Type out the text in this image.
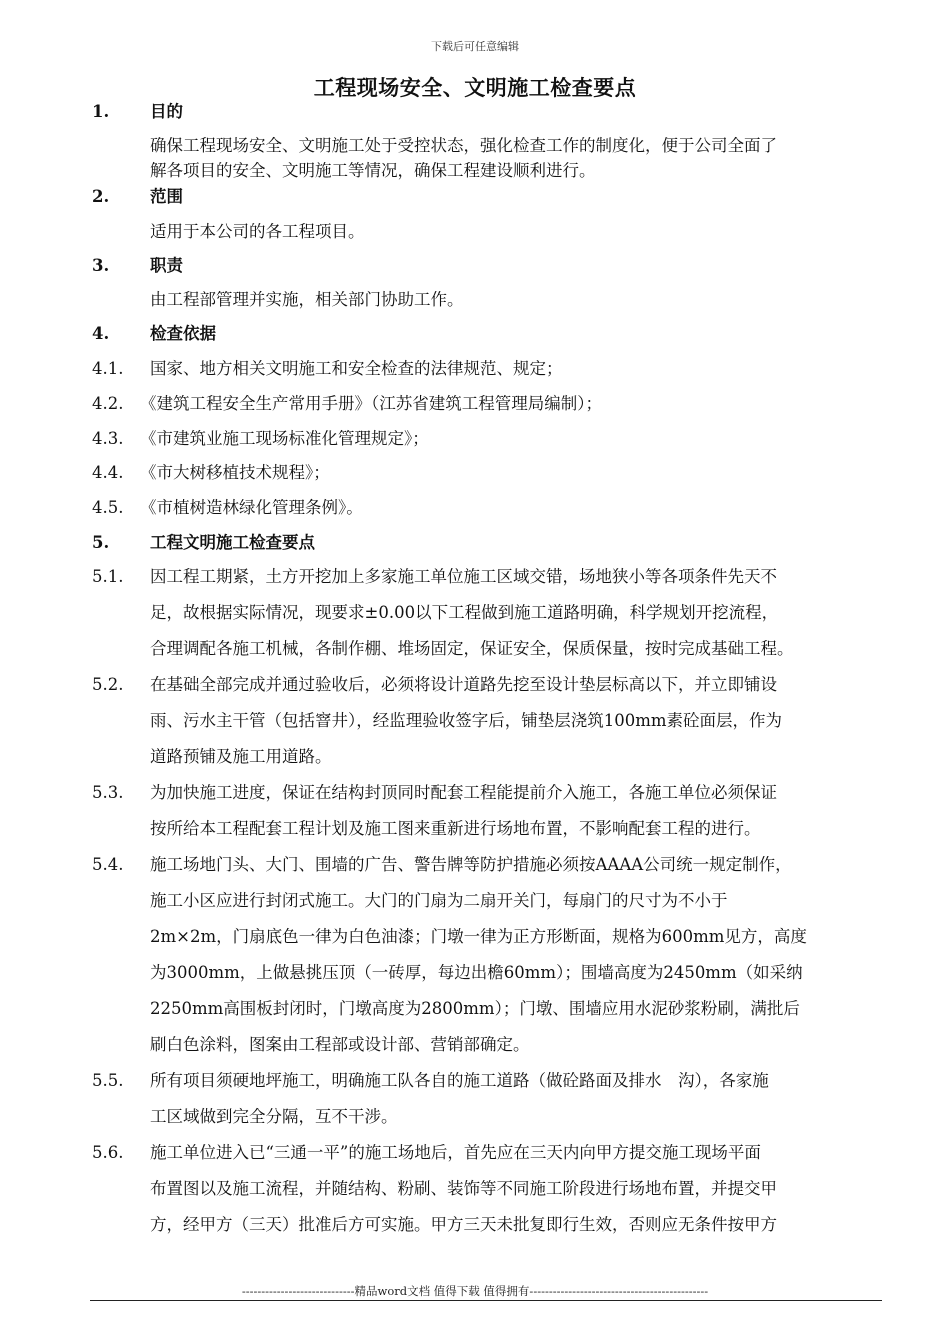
下载后可任意编辑
工程现场安全、文明施工检查要点
1. 目的
确保工程现场安全、文明施工处于受控状态，强化检查工作的制度化，便于公司全面了
解各项目的安全、文明施工等情况，确保工程建设顺利进行。
2. 范围
适用于本公司的各工程项目。
3. 职责
由工程部管理并实施，相关部门协助工作。
4. 检查依据
4.1. 国家、地方相关文明施工和安全检查的法律规范、规定；
4.2. 《建筑工程安全生产常用手册》（江苏省建筑工程管理局编制）；
4.3. 《市建筑业施工现场标准化管理规定》；
4.4. 《市大树移植技术规程》；
4.5. 《市植树造林绿化管理条例》。
5. 工程文明施工检查要点
5.1. 因工程工期紧，土方开挖加上多家施工单位施工区域交错，场地狭小等各项条件先天不
足，故根据实际情况，现要求±0.00以下工程做到施工道路明确，科学规划开挖流程，
合理调配各施工机械，各制作棚、堆场固定，保证安全，保质保量，按时完成基础工程。
5.2. 在基础全部完成并通过验收后，必须将设计道路先挖至设计垫层标高以下，并立即铺设
雨、污水主干管（包括窨井），经监理验收签字后，铺垫层浇筑100mm素砼面层，作为
道路预铺及施工用道路。
5.3. 为加快施工进度，保证在结构封顶同时配套工程能提前介入施工，各施工单位必须保证
按所给本工程配套工程计划及施工图来重新进行场地布置，不影响配套工程的进行。
5.4. 施工场地门头、大门、围墙的广告、警告牌等防护措施必须按AAAA公司统一规定制作，
施工小区应进行封闭式施工。大门的门扇为二扇开关门，每扇门的尺寸为不小于
2m×2m，门扇底色一律为白色油漆；门墩一律为正方形断面，规格为600mm见方，高度
为3000mm，上做悬挑压顶（一砖厚，每边出檐60mm）；围墙高度为2450mm（如采纳
2250mm高围板封闭时，门墩高度为2800mm）；门墩、围墙应用水泥砂浆粉刷，满批后
刷白色涂料，图案由工程部或设计部、营销部确定。
5.5. 所有项目须硬地坪施工，明确施工队各自的施工道路（做砼路面及排水　沟），各家施
工区域做到完全分隔，互不干涉。
5.6. 施工单位进入已“三通一平”的施工场地后，首先应在三天内向甲方提交施工现场平面
布置图以及施工流程，并随结构、粉刷、装饰等不同施工阶段进行场地布置，并提交甲
方，经甲方（三天）批准后方可实施。甲方三天未批复即行生效，否则应无条件按甲方
-----------------------------精品word文档 值得下载 值得拥有----------------------------------------------
